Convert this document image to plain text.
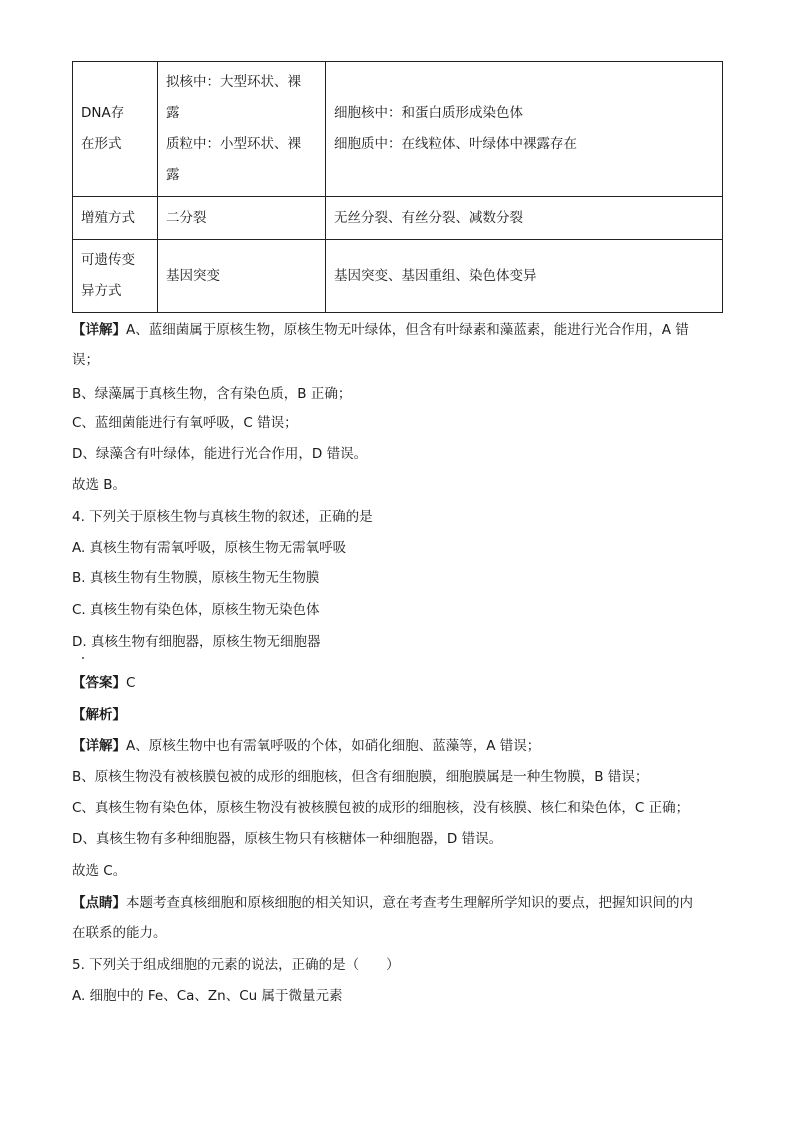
DNA存
在形式	拟核中：大型环状、裸
露
质粒中：小型环状、裸
露	细胞核中：和蛋白质形成染色体
细胞质中：在线粒体、叶绿体中裸露存在

增殖方式	二分裂	无丝分裂、有丝分裂、减数分裂

可遗传变
异方式	基因突变	基因突变、基因重组、染色体变异
【详解】A、蓝细菌属于原核生物，原核生物无叶绿体，但含有叶绿素和藻蓝素，能进行光合作用，A 错
误；
B、绿藻属于真核生物，含有染色质，B 正确；
C、蓝细菌能进行有氧呼吸，C 错误；
D、绿藻含有叶绿体，能进行光合作用，D 错误。
故选 B。
4. 下列关于原核生物与真核生物的叙述，正确的是
A. 真核生物有需氧呼吸，原核生物无需氧呼吸
B. 真核生物有生物膜，原核生物无生物膜
C. 真核生物有染色体，原核生物无染色体
D. 真核生物有细胞器，原核生物无细胞器
【答案】C
【解析】
【详解】A、原核生物中也有需氧呼吸的个体，如硝化细胞、蓝藻等，A 错误；
B、原核生物没有被核膜包被的成形的细胞核，但含有细胞膜，细胞膜属是一种生物膜，B 错误；
C、真核生物有染色体，原核生物没有被核膜包被的成形的细胞核，没有核膜、核仁和染色体，C 正确；
D、真核生物有多种细胞器，原核生物只有核糖体一种细胞器，D 错误。
故选 C。
【点睛】本题考查真核细胞和原核细胞的相关知识，意在考查考生理解所学知识的要点，把握知识间的内
在联系的能力。
5. 下列关于组成细胞的元素的说法，正确的是（　　）
A. 细胞中的 Fe、Ca、Zn、Cu 属于微量元素
